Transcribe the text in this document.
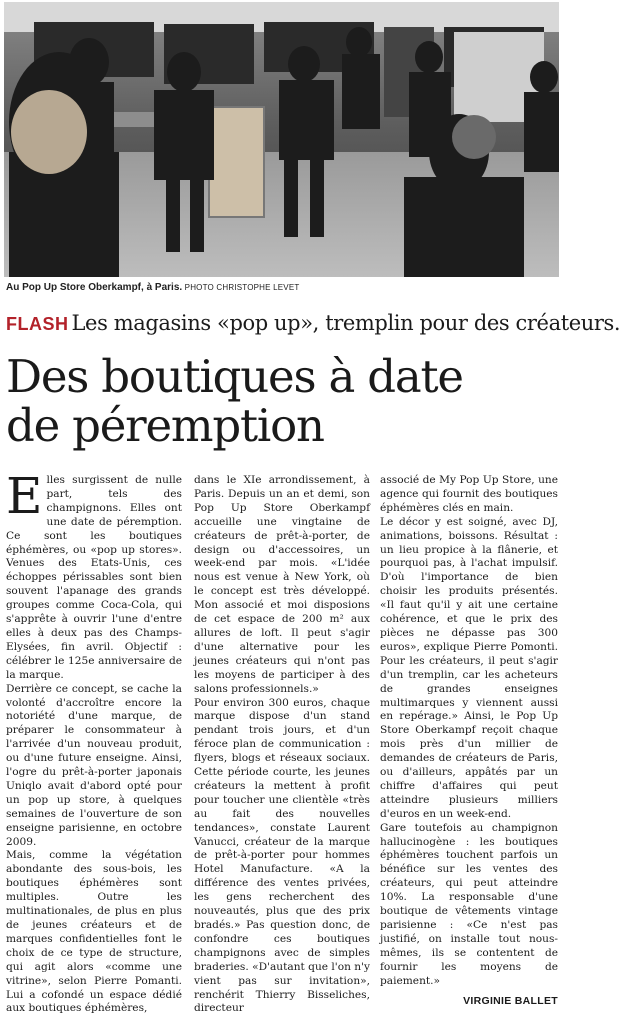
Au Pop Up Store Oberkampf, à Paris. PHOTO CHRISTOPHE LEVET
FLASH Les magasins «pop up», tremplin pour des créateurs.
Des boutiques à date
de péremption

Elles surgissent de nulle part, tels des champignons. Elles ont une date de péremption. Ce sont les boutiques éphémères, ou «pop up stores». Venues des Etats-Unis, ces échoppes périssables sont bien souvent l'apanage des grands groupes comme Coca-Cola, qui s'apprête à ouvrir l'une d'entre elles à deux pas des Champs-Elysées, fin avril. Objectif : célébrer le 125e anniversaire de la marque.

Derrière ce concept, se cache la volonté d'accroître encore la notoriété d'une marque, de préparer le consommateur à l'arrivée d'un nouveau produit, ou d'une future enseigne. Ainsi, l'ogre du prêt-à-porter japonais Uniqlo avait d'abord opté pour un pop up store, à quelques semaines de l'ouverture de son enseigne parisienne, en octobre 2009.

Mais, comme la végétation abondante des sous-bois, les boutiques éphémères sont multiples. Outre les multinationales, de plus en plus de jeunes créateurs et de marques confidentielles font le choix de ce type de structure, qui agit alors «comme une vitrine», selon Pierre Pomanti. Lui a cofondé un espace dédié aux boutiques éphémères,

dans le XIe arrondissement, à Paris. Depuis un an et demi, son Pop Up Store Oberkampf accueille une vingtaine de créateurs de prêt-à-porter, de design ou d'accessoires, un week-end par mois. «L'idée nous est venue à New York, où le concept est très développé. Mon associé et moi disposions de cet espace de 200 m² aux allures de loft. Il peut s'agir d'une alternative pour les jeunes créateurs qui n'ont pas les moyens de participer à des salons professionnels.»

Pour environ 300 euros, chaque marque dispose d'un stand pendant trois jours, et d'un féroce plan de communication : flyers, blogs et réseaux sociaux. Cette période courte, les jeunes créateurs la mettent à profit pour toucher une clientèle «très au fait des nouvelles tendances», constate Laurent Vanucci, créateur de la marque de prêt-à-porter pour hommes Hotel Manufacture. «A la différence des ventes privées, les gens recherchent des nouveautés, plus que des prix bradés.» Pas question donc, de confondre ces boutiques champignons avec de simples braderies. «D'autant que l'on n'y vient pas sur invitation», renchérit Thierry Bisseliches, directeur

associé de My Pop Up Store, une agence qui fournit des boutiques éphémères clés en main.

Le décor y est soigné, avec DJ, animations, boissons. Résultat : un lieu propice à la flânerie, et pourquoi pas, à l'achat impulsif. D'où l'importance de bien choisir les produits présentés. «Il faut qu'il y ait une certaine cohérence, et que le prix des pièces ne dépasse pas 300 euros», explique Pierre Pomonti. Pour les créateurs, il peut s'agir d'un tremplin, car les acheteurs de grandes enseignes multimarques y viennent aussi en repérage.» Ainsi, le Pop Up Store Oberkampf reçoit chaque mois près d'un millier de demandes de créateurs de Paris, ou d'ailleurs, appâtés par un chiffre d'affaires qui peut atteindre plusieurs milliers d'euros en un week-end.

Gare toutefois au champignon hallucinogène : les boutiques éphémères touchent parfois un bénéfice sur les ventes des créateurs, qui peut atteindre 10%. La responsable d'une boutique de vêtements vintage parisienne : «Ce n'est pas justifié, on installe tout nous-mêmes, ils se contentent de fournir les moyens de paiement.»

VIRGINIE BALLET
